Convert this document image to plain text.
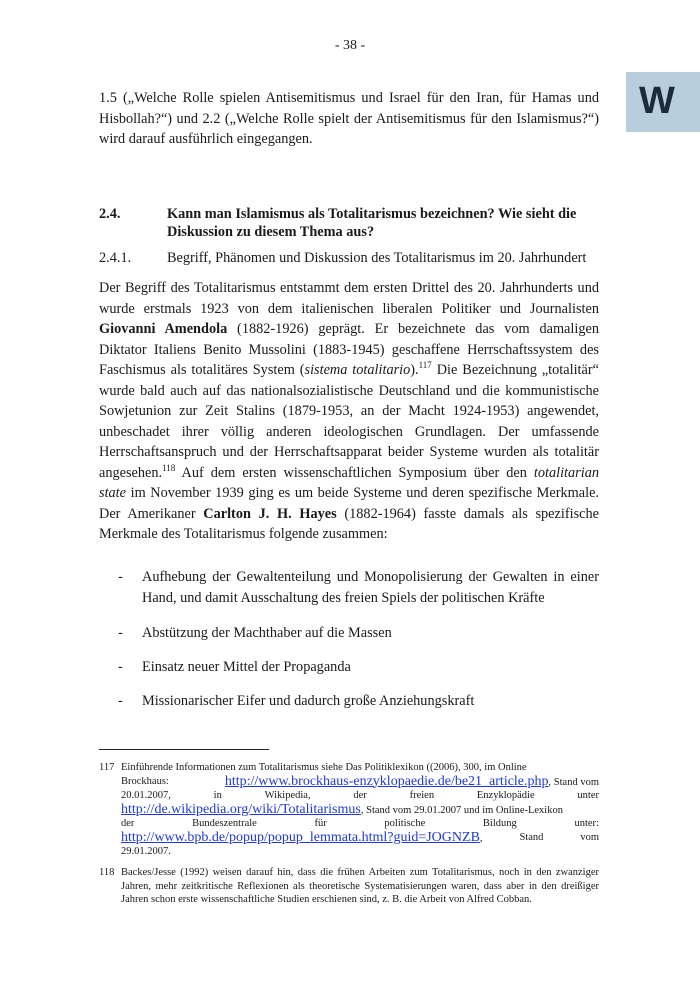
- 38 -
W
1.5 („Welche Rolle spielen Antisemitismus und Israel für den Iran, für Hamas und Hisbollah?“) und 2.2 („Welche Rolle spielt der Antisemitismus für den Islamismus?“) wird darauf ausführlich eingegangen.
2.4.	Kann man Islamismus als Totalitarismus bezeichnen? Wie sieht die Diskussion zu diesem Thema aus?
2.4.1.	Begriff, Phänomen und Diskussion des Totalitarismus im 20. Jahrhundert
Der Begriff des Totalitarismus entstammt dem ersten Drittel des 20. Jahrhunderts und wurde erstmals 1923 von dem italienischen liberalen Politiker und Journalisten Giovanni Amendola (1882-1926) geprägt. Er bezeichnete das vom damaligen Diktator Italiens Benito Mussolini (1883-1945) geschaffene Herrschaftssystem des Faschismus als totalitäres System (sistema totalitario).$^{117}$ Die Bezeichnung „totalitär“ wurde bald auch auf das nationalsozialistische Deutschland und die kommunistische Sowjetunion zur Zeit Stalins (1879-1953, an der Macht 1924-1953) angewendet, unbeschadet ihrer völlig anderen ideologischen Grundlagen. Der umfassende Herrschaftsanspruch und der Herrschaftsapparat beider Systeme wurden als totalitär angesehen.$^{118}$ Auf dem ersten wissenschaftlichen Symposium über den totalitarian state im November 1939 ging es um beide Systeme und deren spezifische Merkmale. Der Amerikaner Carlton J. H. Hayes (1882-1964) fasste damals als spezifische Merkmale des Totalitarismus folgende zusammen:
- Aufhebung der Gewaltenteilung und Monopolisierung der Gewalten in einer Hand, und damit Ausschaltung des freien Spiels der politischen Kräfte
- Abstützung der Machthaber auf die Massen
- Einsatz neuer Mittel der Propaganda
- Missionarischer Eifer und dadurch große Anziehungskraft
117 Einführende Informationen zum Totalitarismus siehe Das Politiklexikon ((2006), 300, im Online
Brockhaus:	http://www.brockhaus-enzyklopaedie.de/be21_article.php, Stand vom
20.01.2007,	in	Wikipedia,	der	freien	Enzyklopädie	unter
http://de.wikipedia.org/wiki/Totalitarismus, Stand vom 29.01.2007 und im Online-Lexikon
der	Bundeszentrale	für	politische	Bildung	unter:
http://www.bpb.de/popup/popup_lemmata.html?guid=JOGNZB,	Stand	vom
29.01.2007.
118 Backes/Jesse (1992) weisen darauf hin, dass die frühen Arbeiten zum Totalitarismus, noch in den zwanziger Jahren, mehr zeitkritische Reflexionen als theoretische Systematisierungen waren, dass aber in den dreißiger Jahren schon erste wissenschaftliche Studien erschienen sind, z. B. die Arbeit von Alfred Cobban.
